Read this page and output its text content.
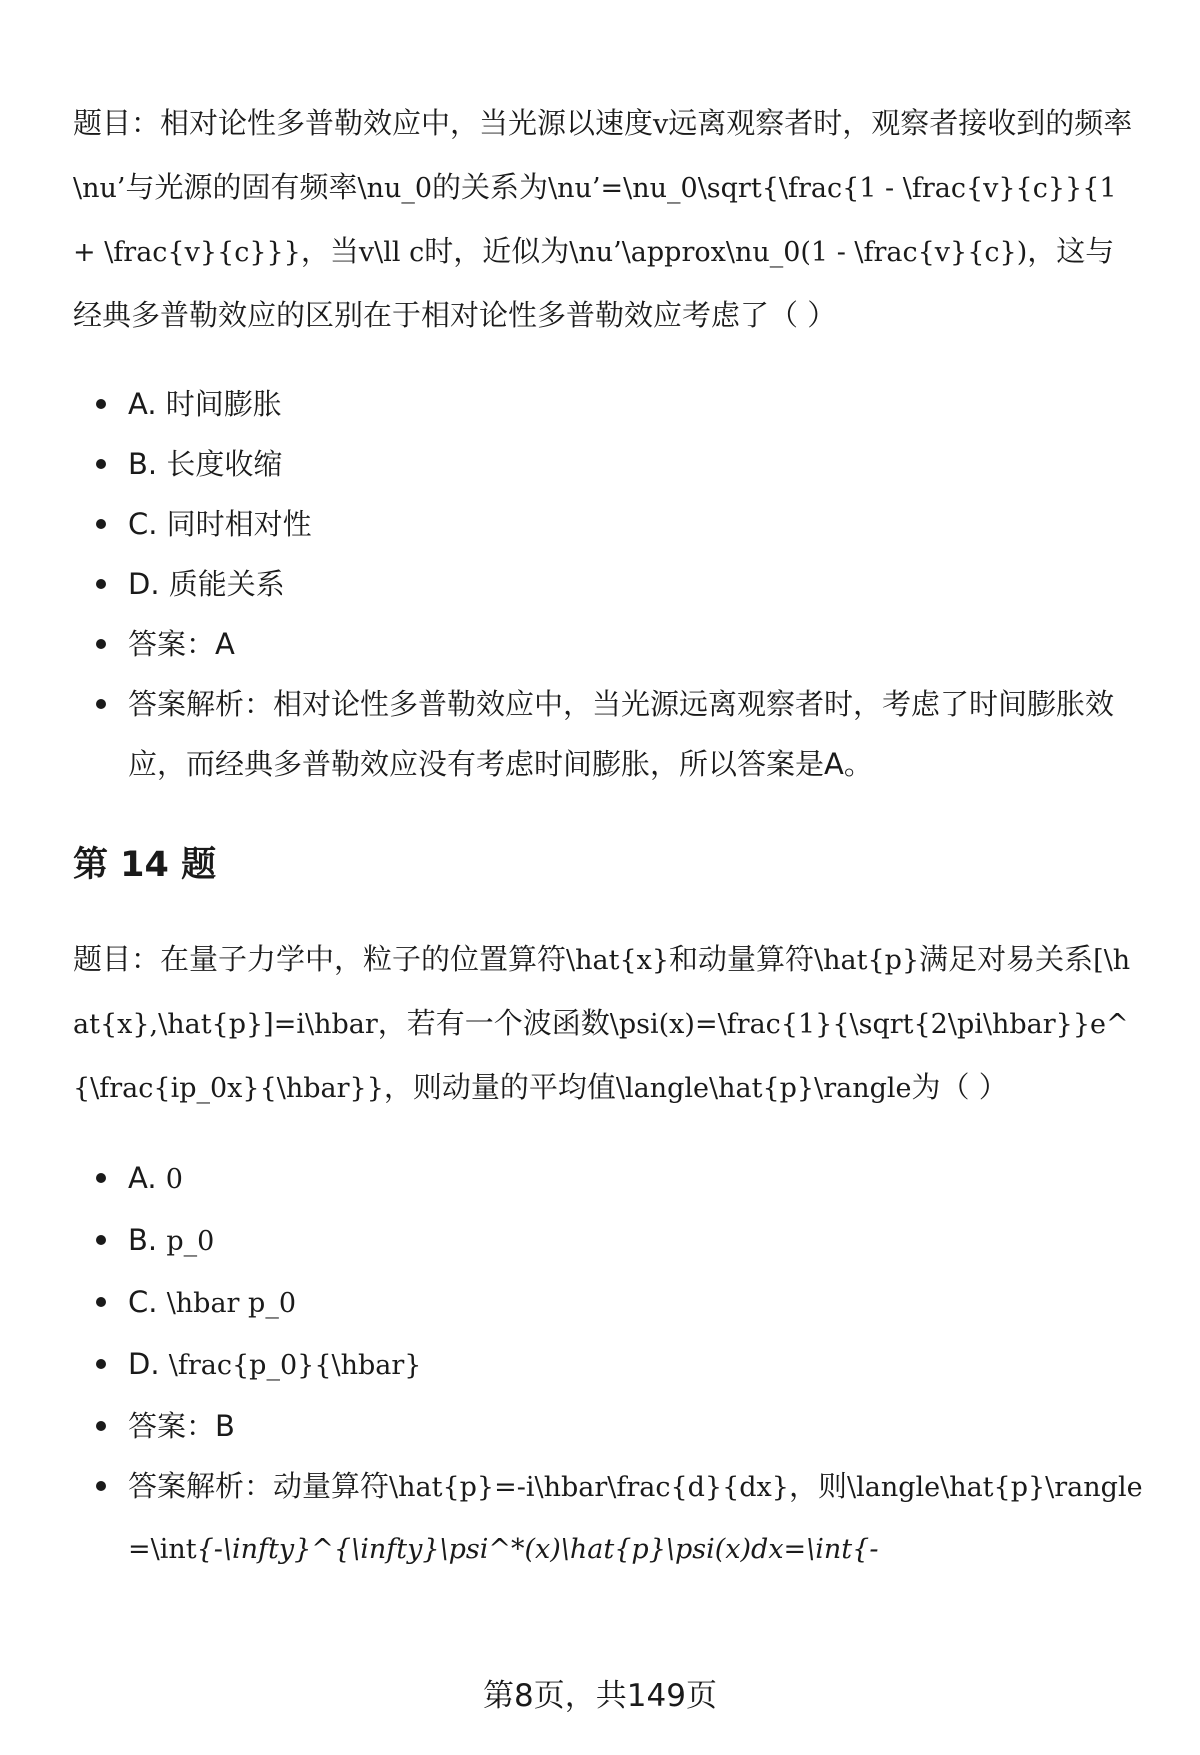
题目：相对论性多普勒效应中，当光源以速度v远离观察者时，观察者接收到的频率\nu’与光源的固有频率\nu_0的关系为\nu’=\nu_0\sqrt{\frac{1 - \frac{v}{c}}{1 + \frac{v}{c}}}，当v\ll c时，近似为\nu’\approx\nu_0(1 - \frac{v}{c})，这与经典多普勒效应的区别在于相对论性多普勒效应考虑了（ ）

A. 时间膨胀
B. 长度收缩
C. 同时相对性
D. 质能关系
答案：A
答案解析：相对论性多普勒效应中，当光源远离观察者时，考虑了时间膨胀效应，而经典多普勒效应没有考虑时间膨胀，所以答案是A。
第 14 题

题目：在量子力学中，粒子的位置算符\hat{x}和动量算符\hat{p}满足对易关系[\hat{x},\hat{p}]=i\hbar，若有一个波函数\psi(x)=\frac{1}{\sqrt{2\pi\hbar}}e^{\frac{ip_0x}{\hbar}}，则动量的平均值\langle\hat{p}\rangle为（ ）

A. 0
B. p_0
C. \hbar p_0
D. \frac{p_0}{\hbar}
答案：B
答案解析：动量算符\hat{p}=-i\hbar\frac{d}{dx}，则\langle\hat{p}\rangle=\int{-\infty}^{\infty}\psi^*(x)\hat{p}\psi(x)dx=\int{-
第8页，共149页
